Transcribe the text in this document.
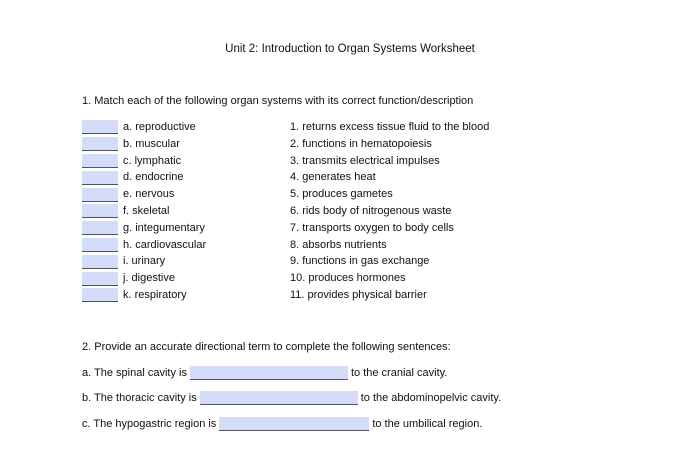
Unit 2: Introduction to Organ Systems Worksheet
1. Match each of the following organ systems with its correct function/description
a. reproductive
b. muscular
c. lymphatic
d. endocrine
e. nervous
f. skeletal
g. integumentary
h. cardiovascular
i. urinary
j. digestive
k. respiratory
1. returns excess tissue fluid to the blood
2. functions in hematopoiesis
3. transmits electrical impulses
4. generates heat
5. produces gametes
6. rids body of nitrogenous waste
7. transports oxygen to body cells
8. absorbs nutrients
9. functions in gas exchange
10. produces hormones
11. provides physical barrier
2. Provide an accurate directional term to complete the following sentences:
a. The spinal cavity is	to the cranial cavity.
b. The thoracic cavity is	to the abdominopelvic cavity.
c. The hypogastric region is	to the umbilical region.
